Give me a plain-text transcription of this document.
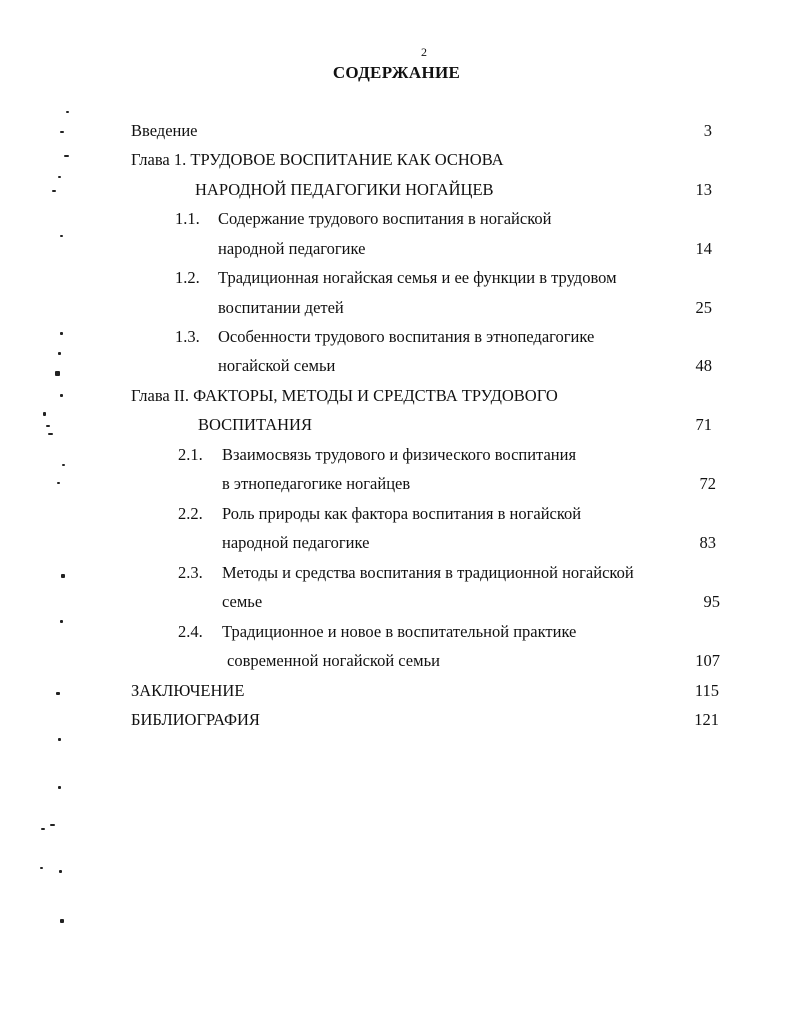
2
СОДЕРЖАНИЕ
Введение	3
Глава 1. ТРУДОВОЕ ВОСПИТАНИЕ КАК ОСНОВА
НАРОДНОЙ ПЕДАГОГИКИ НОГАЙЦЕВ	13
1.1. Содержание трудового воспитания в ногайской
народной педагогике	14
1.2. Традиционная ногайская семья и ее функции в трудовом
воспитании детей	25
1.3. Особенности трудового воспитания в этнопедагогике
ногайской семьи	48
Глава II. ФАКТОРЫ, МЕТОДЫ И СРЕДСТВА ТРУДОВОГО
ВОСПИТАНИЯ	71
2.1. Взаимосвязь трудового и физического воспитания
в этнопедагогике ногайцев	72
2.2. Роль природы как фактора воспитания в ногайской
народной педагогике	83
2.3. Методы и средства воспитания в традиционной ногайской
семье	95
2.4. Традиционное и новое в воспитательной практике
современной ногайской семьи	107
ЗАКЛЮЧЕНИЕ	115
БИБЛИОГРАФИЯ	121
